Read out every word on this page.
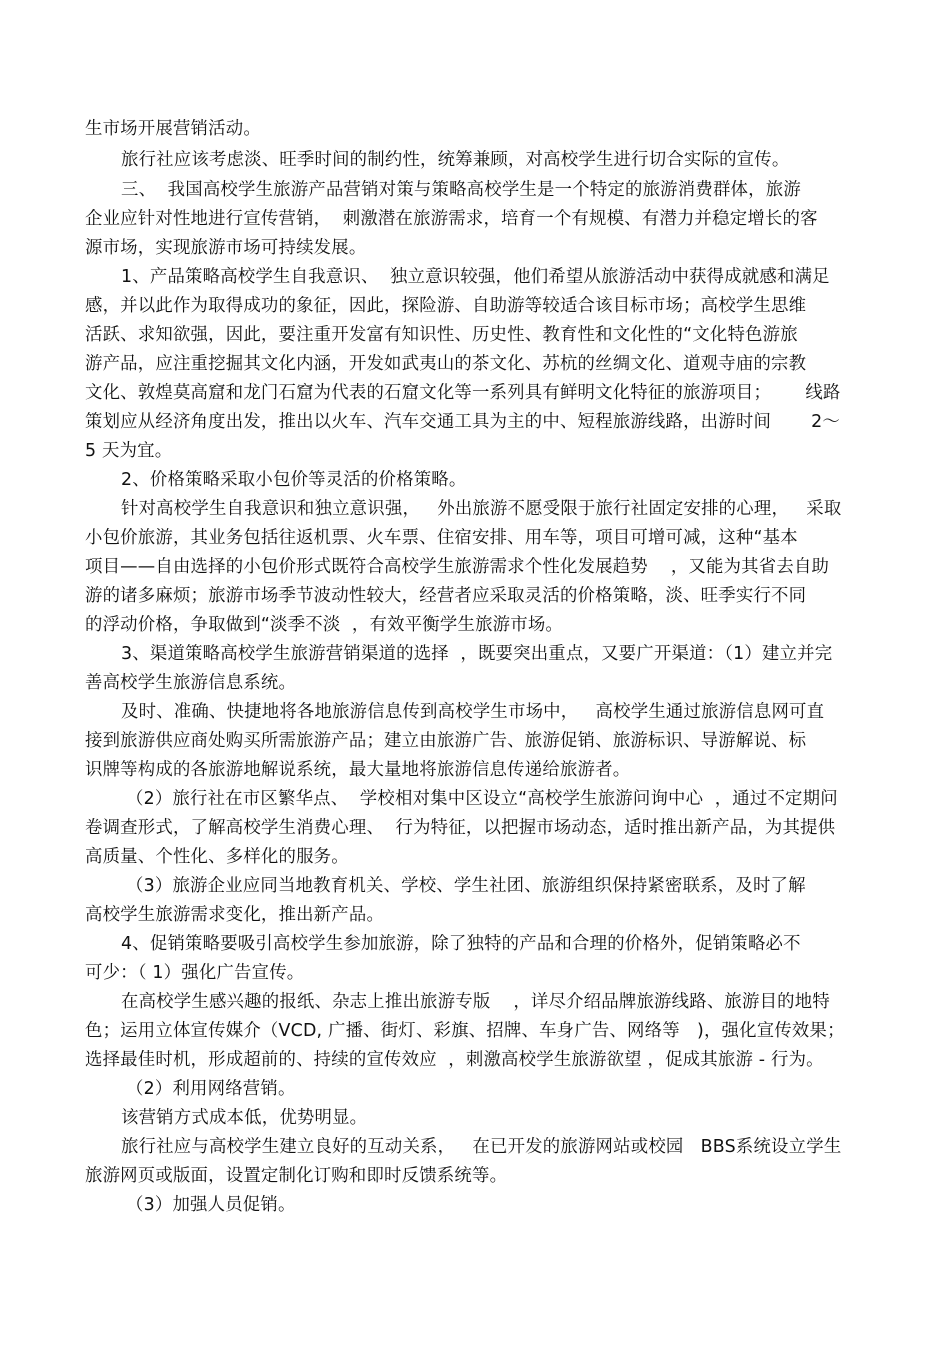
生市场开展营销活动。
旅行社应该考虑淡、旺季时间的制约性，统筹兼顾，对高校学生进行切合实际的宣传。
三、  我国高校学生旅游产品营销对策与策略高校学生是一个特定的旅游消费群体，旅游
企业应针对性地进行宣传营销，  刺激潜在旅游需求，培育一个有规模、有潜力并稳定增长的客
源市场，实现旅游市场可持续发展。
1、产品策略高校学生自我意识、  独立意识较强，他们希望从旅游活动中获得成就感和满足
感，并以此作为取得成功的象征，因此，探险游、自助游等较适合该目标市场；高校学生思维
活跃、求知欲强，因此，要注重开发富有知识性、历史性、教育性和文化性的“文化特色游旅
游产品，应注重挖掘其文化内涵，开发如武夷山的茶文化、苏杭的丝绸文化、道观寺庙的宗教
文化、敦煌莫高窟和龙门石窟为代表的石窟文化等一系列具有鲜明文化特征的旅游项目；      线路
策划应从经济角度出发，推出以火车、汽车交通工具为主的中、短程旅游线路，出游时间       2～
5 天为宜。
2、价格策略采取小包价等灵活的价格策略。
针对高校学生自我意识和独立意识强，   外出旅游不愿受限于旅行社固定安排的心理，   采取
小包价旅游，其业务包括往返机票、火车票、住宿安排、用车等，项目可增可减，这种“基本
项目——自由选择的小包价形式既符合高校学生旅游需求个性化发展趋势    ，又能为其省去自助
游的诸多麻烦；旅游市场季节波动性较大，经营者应采取灵活的价格策略，淡、旺季实行不同
的浮动价格，争取做到“淡季不淡  ，有效平衡学生旅游市场。
3、渠道策略高校学生旅游营销渠道的选择  ，既要突出重点，又要广开渠道：（1）建立并完
善高校学生旅游信息系统。
及时、准确、快捷地将各地旅游信息传到高校学生市场中，   高校学生通过旅游信息网可直
接到旅游供应商处购买所需旅游产品；建立由旅游广告、旅游促销、旅游标识、导游解说、标
识牌等构成的各旅游地解说系统，最大量地将旅游信息传递给旅游者。
（2）旅行社在市区繁华点、  学校相对集中区设立“高校学生旅游问询中心  ，通过不定期问
卷调查形式，了解高校学生消费心理、  行为特征，以把握市场动态，适时推出新产品，为其提供
高质量、个性化、多样化的服务。
（3）旅游企业应同当地教育机关、学校、学生社团、旅游组织保持紧密联系，及时了解
高校学生旅游需求变化，推出新产品。
4、促销策略要吸引高校学生参加旅游，除了独特的产品和合理的价格外，促销策略必不
可少：（ 1）强化广告宣传。
在高校学生感兴趣的报纸、杂志上推出旅游专版    ，详尽介绍品牌旅游线路、旅游目的地特
色；运用立体宣传媒介（VCD, 广播、街灯、彩旗、招牌、车身广告、网络等   )，强化宣传效果；
选择最佳时机，形成超前的、持续的宣传效应  ，刺激高校学生旅游欲望 ，促成其旅游 - 行为。
（2）利用网络营销。
该营销方式成本低，优势明显。
旅行社应与高校学生建立良好的互动关系，   在已开发的旅游网站或校园   BBS系统设立学生
旅游网页或版面，设置定制化订购和即时反馈系统等。
（3）加强人员促销。
